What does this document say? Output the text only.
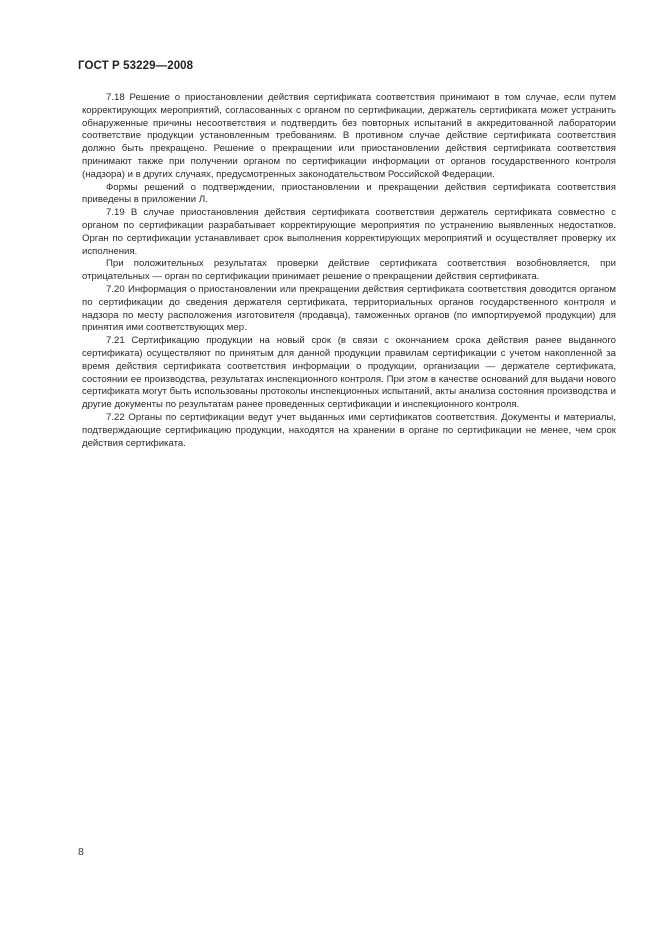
ГОСТ Р 53229—2008

7.18 Решение о приостановлении действия сертификата соответствия принимают в том случае, если путем корректирующих мероприятий, согласованных с органом по сертификации, держатель сертификата может устранить обнаруженные причины несоответствия и подтвердить без повторных испытаний в аккредитованной лаборатории соответствие продукции установленным требованиям. В противном случае действие сертификата соответствия должно быть прекращено. Решение о прекращении или приостановлении действия сертификата соответствия принимают также при получении органом по сертификации информации от органов государственного контроля (надзора) и в других случаях, предусмотренных законодательством Российской Федерации.

Формы решений о подтверждении, приостановлении и прекращении действия сертификата соответствия приведены в приложении Л.

7.19 В случае приостановления действия сертификата соответствия держатель сертификата совместно с органом по сертификации разрабатывает корректирующие мероприятия по устранению выявленных недостатков. Орган по сертификации устанавливает срок выполнения корректирующих мероприятий и осуществляет проверку их исполнения.

При положительных результатах проверки действие сертификата соответствия возобновляется, при отрицательных — орган по сертификации принимает решение о прекращении действия сертификата.

7.20 Информация о приостановлении или прекращении действия сертификата соответствия доводится органом по сертификации до сведения держателя сертификата, территориальных органов государственного контроля и надзора по месту расположения изготовителя (продавца), таможенных органов (по импортируемой продукции) для принятия ими соответствующих мер.

7.21 Сертификацию продукции на новый срок (в связи с окончанием срока действия ранее выданного сертификата) осуществляют по принятым для данной продукции правилам сертификации с учетом накопленной за время действия сертификата соответствия информации о продукции, организации — держателе сертификата, состоянии ее производства, результатах инспекционного контроля. При этом в качестве оснований для выдачи нового сертификата могут быть использованы протоколы инспекционных испытаний, акты анализа состояния производства и другие документы по результатам ранее проведенных сертификации и инспекционного контроля.

7.22 Органы по сертификации ведут учет выданных ими сертификатов соответствия. Документы и материалы, подтверждающие сертификацию продукции, находятся на хранении в органе по сертификации не менее, чем срок действия сертификата.

8
